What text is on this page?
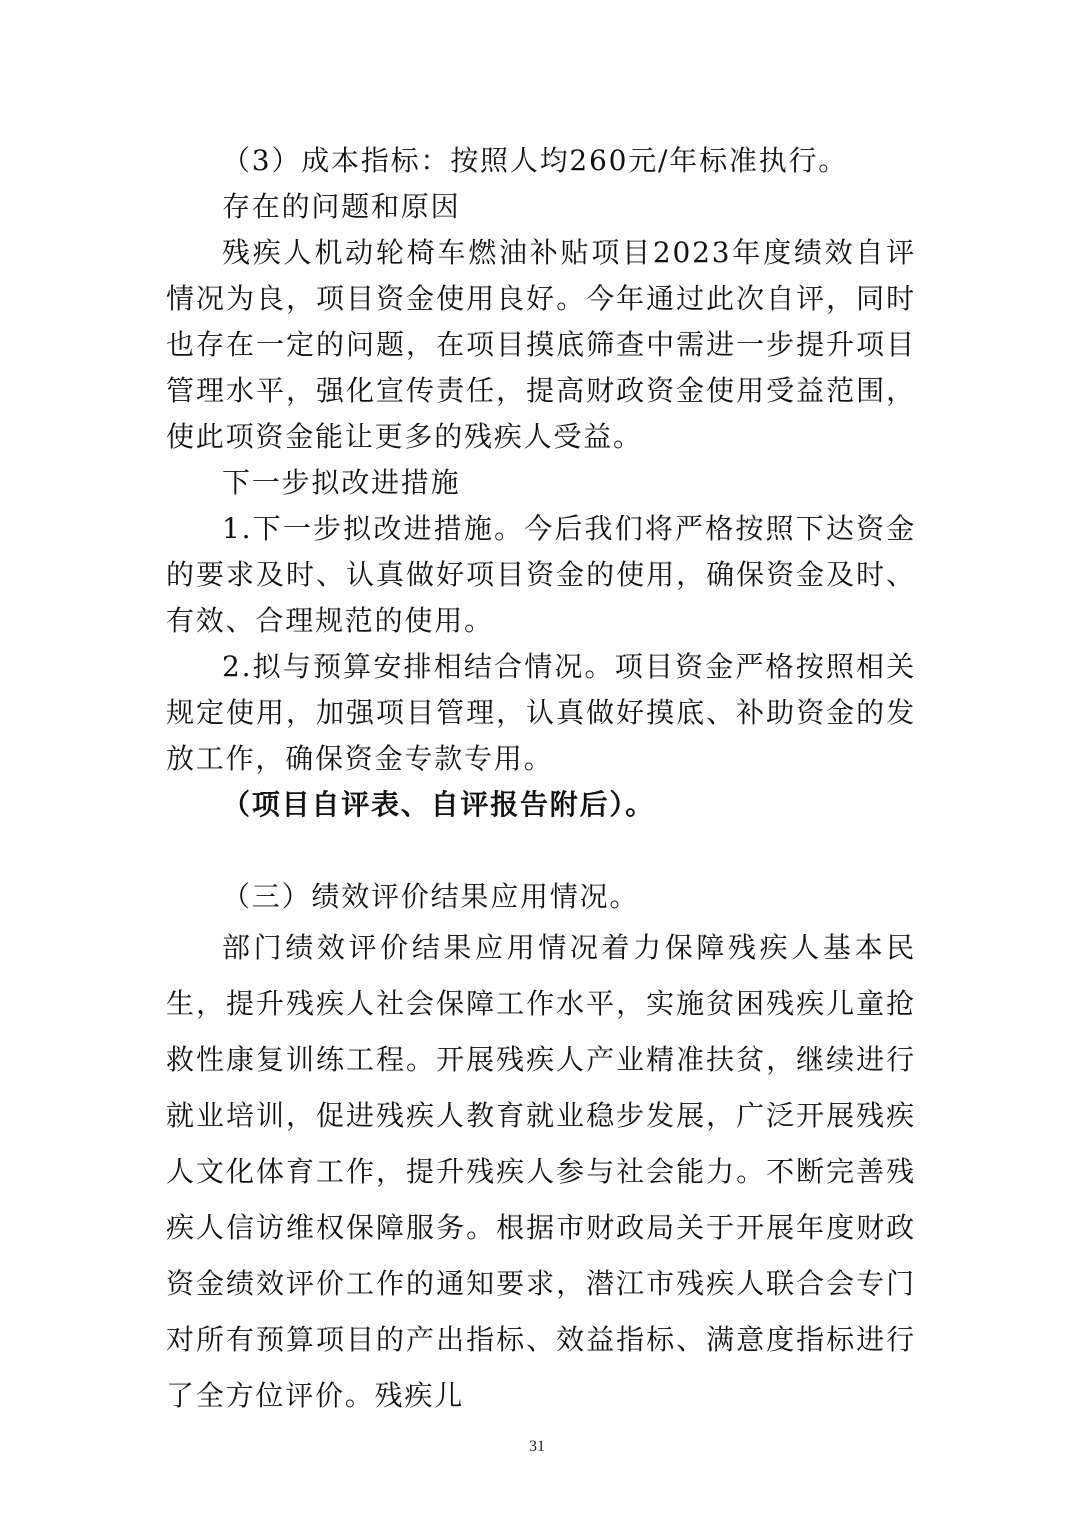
（3）成本指标：按照人均260元/年标准执行。

存在的问题和原因

残疾人机动轮椅车燃油补贴项目2023年度绩效自评情况为良，项目资金使用良好。今年通过此次自评，同时也存在一定的问题，在项目摸底筛查中需进一步提升项目管理水平，强化宣传责任，提高财政资金使用受益范围，使此项资金能让更多的残疾人受益。

下一步拟改进措施

1.下一步拟改进措施。今后我们将严格按照下达资金的要求及时、认真做好项目资金的使用，确保资金及时、有效、合理规范的使用。

2.拟与预算安排相结合情况。项目资金严格按照相关规定使用，加强项目管理，认真做好摸底、补助资金的发放工作，确保资金专款专用。

（项目自评表、自评报告附后）。

（三）绩效评价结果应用情况。

部门绩效评价结果应用情况着力保障残疾人基本民生，提升残疾人社会保障工作水平，实施贫困残疾儿童抢救性康复训练工程。开展残疾人产业精准扶贫，继续进行就业培训，促进残疾人教育就业稳步发展，广泛开展残疾人文化体育工作，提升残疾人参与社会能力。不断完善残疾人信访维权保障服务。根据市财政局关于开展年度财政资金绩效评价工作的通知要求，潜江市残疾人联合会专门对所有预算项目的产出指标、效益指标、满意度指标进行了全方位评价。残疾儿

31
